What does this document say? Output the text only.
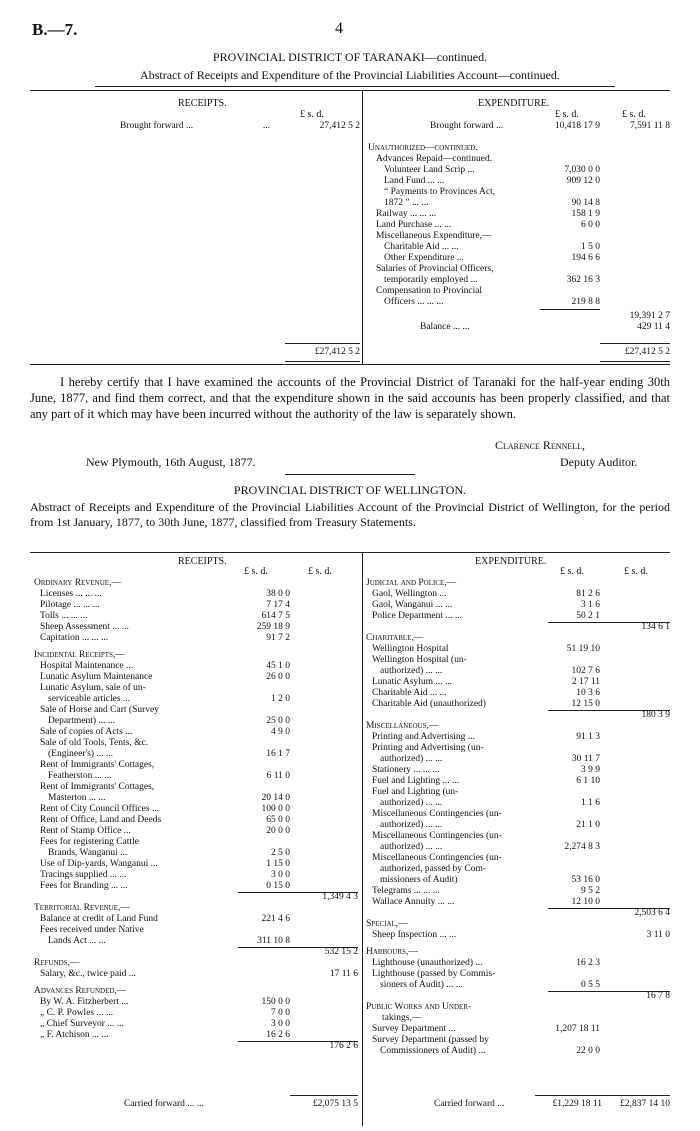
B.—7.	4
PROVINCIAL DISTRICT OF TARANAKI—continued.
Abstract of Receipts and Expenditure of the Provincial Liabilities Account—continued.
RECEIPTS.	EXPENDITURE.
£ s. d.	£ s. d.	£ s. d.
Brought forward ...	...	27,412 5 2	Brought forward ...	10,418 17 9	7,591 11 8
Unauthorized—continued.
Advances Repaid—continued.
Volunteer Land Scrip ...	7,030 0 0
Land Fund ... ...	909 12 0
“ Payments to Provinces Act,
1872 ” ... ...	90 14 8
Railway ... ... ...	158 1 9
Land Purchase ... ...	6 0 0
Miscellaneous Expenditure,—
Charitable Aid ... ...	1 5 0
Other Expenditure ...	194 6 6
Salaries of Provincial Officers,
temporarily employed ...	362 16 3
Compensation to Provincial
Officers ... ... ...	219 8 8
19,391 2 7
Balance ... ...	429 11 4
£27,412 5 2	£27,412 5 2
I hereby certify that I have examined the accounts of the Provincial District of Taranaki for the half-year ending 30th June, 1877, and find them correct, and that the expenditure shown in the said accounts has been properly classified, and that any part of it which may have been incurred without the authority of the law is separately shown.
Clarence Rennell,
Deputy Auditor.
New Plymouth, 16th August, 1877.
PROVINCIAL DISTRICT OF WELLINGTON.
Abstract of Receipts and Expenditure of the Provincial Liabilities Account of the Provincial District of Wellington, for the period from 1st January, 1877, to 30th June, 1877, classified from Treasury Statements.
RECEIPTS.	EXPENDITURE.
£ s. d.	£ s. d.	£ s. d.	£ s. d.
Ordinary Revenue,—
Licenses ... ... ...	38 0 0
Pilotage ... ... ...	7 17 4
Tolls ... ... ...	614 7 5
Sheep Assessment ... ...	259 18 9
Capitation ... ... ...	91 7 2
Incidental Receipts,—
Hospital Maintenance ...	45 1 0
Lunatic Asylum Maintenance	26 0 0
Lunatic Asylum, sale of un-
serviceable articles ...	1 2 0
Sale of Horse and Cart (Survey
Department) ... ...	25 0 0
Sale of copies of Acts ...	4 9 0
Sale of old Tools, Tents, &c.
(Engineer's) ... ...	16 1 7
Rent of Immigrants' Cottages,
Featherston ... ...	6 11 0
Rent of Immigrants' Cottages,
Masterton ... ...	20 14 0
Rent of City Council Offices ...	100 0 0
Rent of Office, Land and Deeds	65 0 0
Rent of Stamp Office ...	20 0 0
Fees for registering Cattle
Brands, Wanganui ...	2 5 0
Use of Dip-yards, Wanganui ...	1 15 0
Tracings supplied ... ...	3 0 0
Fees for Branding ... ...	0 15 0
1,349 4 3
Territorial Revenue,—
Balance at credit of Land Fund	221 4 6
Fees received under Native
Lands Act ... ...	311 10 8
532 15 2
Refunds,—
Salary, &c., twice paid ...	17 11 6
Advances Refunded,—
By W. A. Fitzherbert ...	150 0 0
„ C. P. Powles ... ...	7 0 0
„ Chief Surveyor ... ...	3 0 0
„ F. Atchison ... ...	16 2 6
176 2 6
Judicial and Police,—
Gaol, Wellington ...	81 2 6
Gaol, Wanganui ... ...	3 1 6
Police Department ... ...	50 2 1
134 6 1
Charitable,—
Wellington Hospital	51 19 10
Wellington Hospital (un-
authorized) ... ...	102 7 6
Lunatic Asylum ... ...	2 17 11
Charitable Aid ... ...	10 3 6
Charitable Aid (unauthorized)	12 15 0
180 3 9
Miscellaneous,—
Printing and Advertising ...	91 1 3
Printing and Advertising (un-
authorized) ... ...	30 11 7
Stationery ... ... ...	3 9 9
Fuel and Lighting ... ...	6 1 10
Fuel and Lighting (un-
authorized) ... ...	1 1 6
Miscellaneous Contingencies (un-
authorized) ... ...	21 1 0
Miscellaneous Contingencies (un-
authorized) ... ...	2,274 8 3
Miscellaneous Contingencies (un-
authorized, passed by Com-
missioners of Audit)	53 16 0
Telegrams ... ... ...	9 5 2
Wallace Annuity ... ...	12 10 0
2,503 6 4
Special,—
Sheep Inspection ... ...	3 11 0
Harbours,—
Lighthouse (unauthorized) ...	16 2 3
Lighthouse (passed by Commis-
sioners of Audit) ... ...	0 5 5
16 7 8
Public Works and Under-
takings,—
Survey Department ...	1,207 18 11
Survey Department (passed by
Commissioners of Audit) ...	22 0 0
Carried forward ... ...	£2,075 13 5	Carried forward ...	£1,229 18 11	£2,837 14 10
